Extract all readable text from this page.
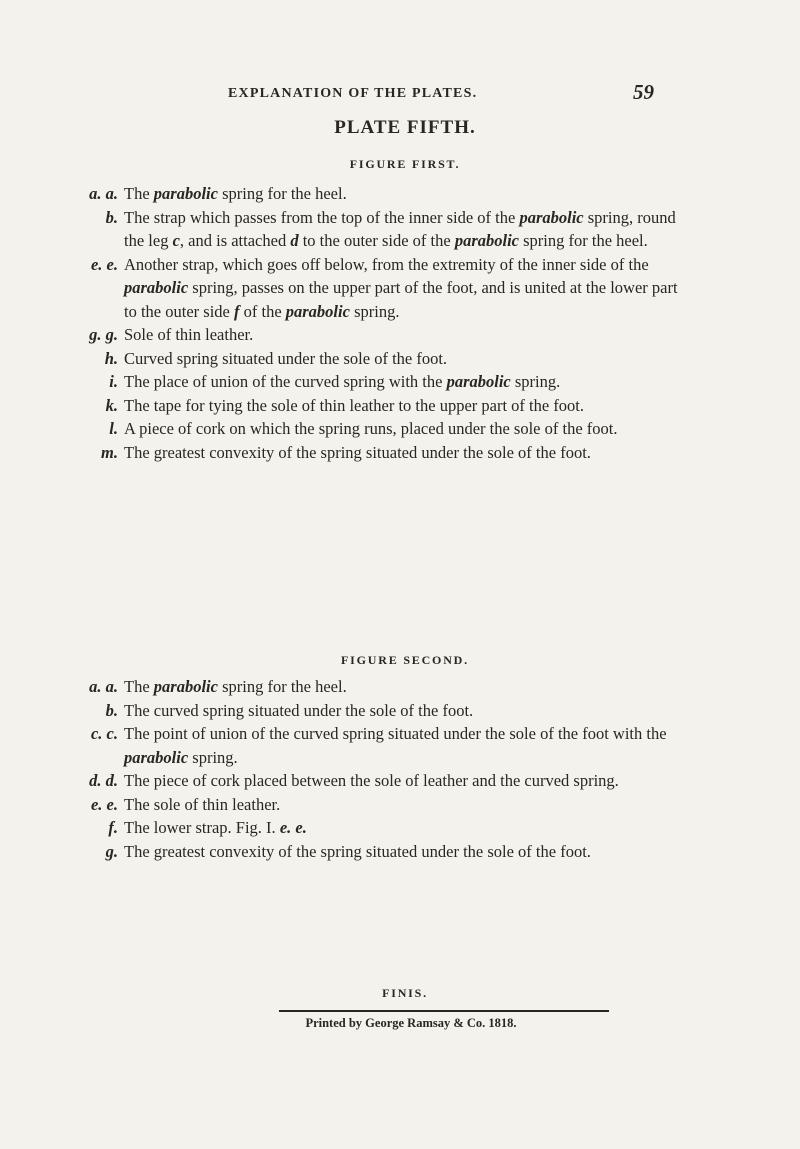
EXPLANATION OF THE PLATES.	59
PLATE FIFTH.
FIGURE FIRST.
a. a. The parabolic spring for the heel.
b. The strap which passes from the top of the inner side of the parabolic spring, round the leg c, and is attached d to the outer side of the parabolic spring for the heel.
e. e. Another strap, which goes off below, from the extremity of the inner side of the parabolic spring, passes on the upper part of the foot, and is united at the lower part to the outer side f of the parabolic spring.
g. g. Sole of thin leather.
h. Curved spring situated under the sole of the foot.
i. The place of union of the curved spring with the parabolic spring.
k. The tape for tying the sole of thin leather to the upper part of the foot.
l. A piece of cork on which the spring runs, placed under the sole of the foot.
m. The greatest convexity of the spring situated under the sole of the foot.
FIGURE SECOND.
a. a. The parabolic spring for the heel.
b. The curved spring situated under the sole of the foot.
c. c. The point of union of the curved spring situated under the sole of the foot with the parabolic spring.
d. d. The piece of cork placed between the sole of leather and the curved spring.
e. e. The sole of thin leather.
f. The lower strap. Fig. I. e. e.
g. The greatest convexity of the spring situated under the sole of the foot.
FINIS.
Printed by George Ramsay & Co. 1818.
